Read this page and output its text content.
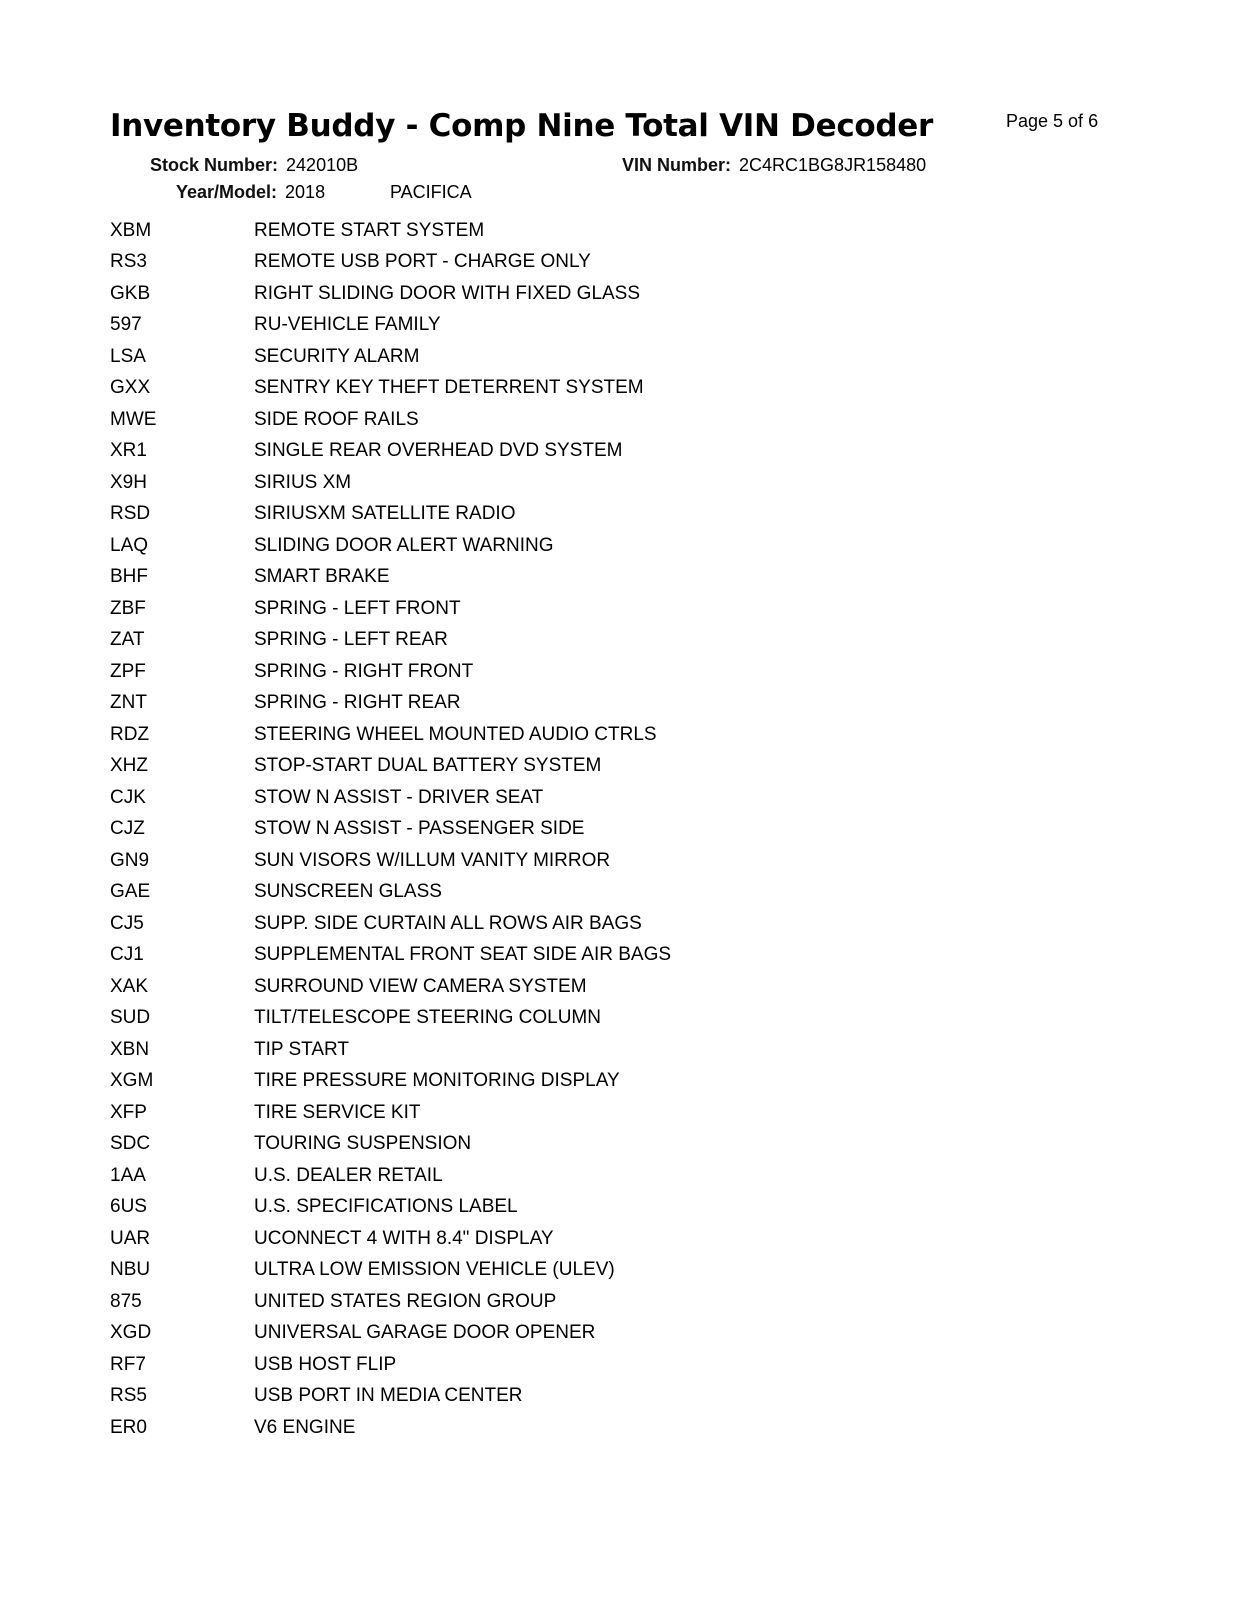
Inventory Buddy - Comp Nine Total VIN Decoder	Page 5 of 6
Stock Number: 242010B	VIN Number: 2C4RC1BG8JR158480
Year/Model: 2018	PACIFICA
XBM	REMOTE START SYSTEM
RS3	REMOTE USB PORT - CHARGE ONLY
GKB	RIGHT SLIDING DOOR WITH FIXED GLASS
597	RU-VEHICLE FAMILY
LSA	SECURITY ALARM
GXX	SENTRY KEY THEFT DETERRENT SYSTEM
MWE	SIDE ROOF RAILS
XR1	SINGLE REAR OVERHEAD DVD SYSTEM
X9H	SIRIUS XM
RSD	SIRIUSXM SATELLITE RADIO
LAQ	SLIDING DOOR ALERT WARNING
BHF	SMART BRAKE
ZBF	SPRING - LEFT FRONT
ZAT	SPRING - LEFT REAR
ZPF	SPRING - RIGHT FRONT
ZNT	SPRING - RIGHT REAR
RDZ	STEERING WHEEL MOUNTED AUDIO CTRLS
XHZ	STOP-START DUAL BATTERY SYSTEM
CJK	STOW N ASSIST - DRIVER SEAT
CJZ	STOW N ASSIST - PASSENGER SIDE
GN9	SUN VISORS W/ILLUM VANITY MIRROR
GAE	SUNSCREEN GLASS
CJ5	SUPP. SIDE CURTAIN ALL ROWS AIR BAGS
CJ1	SUPPLEMENTAL FRONT SEAT SIDE AIR BAGS
XAK	SURROUND VIEW CAMERA SYSTEM
SUD	TILT/TELESCOPE STEERING COLUMN
XBN	TIP START
XGM	TIRE PRESSURE MONITORING DISPLAY
XFP	TIRE SERVICE KIT
SDC	TOURING SUSPENSION
1AA	U.S. DEALER RETAIL
6US	U.S. SPECIFICATIONS LABEL
UAR	UCONNECT 4 WITH 8.4" DISPLAY
NBU	ULTRA LOW EMISSION VEHICLE (ULEV)
875	UNITED STATES REGION GROUP
XGD	UNIVERSAL GARAGE DOOR OPENER
RF7	USB HOST FLIP
RS5	USB PORT IN MEDIA CENTER
ER0	V6 ENGINE
